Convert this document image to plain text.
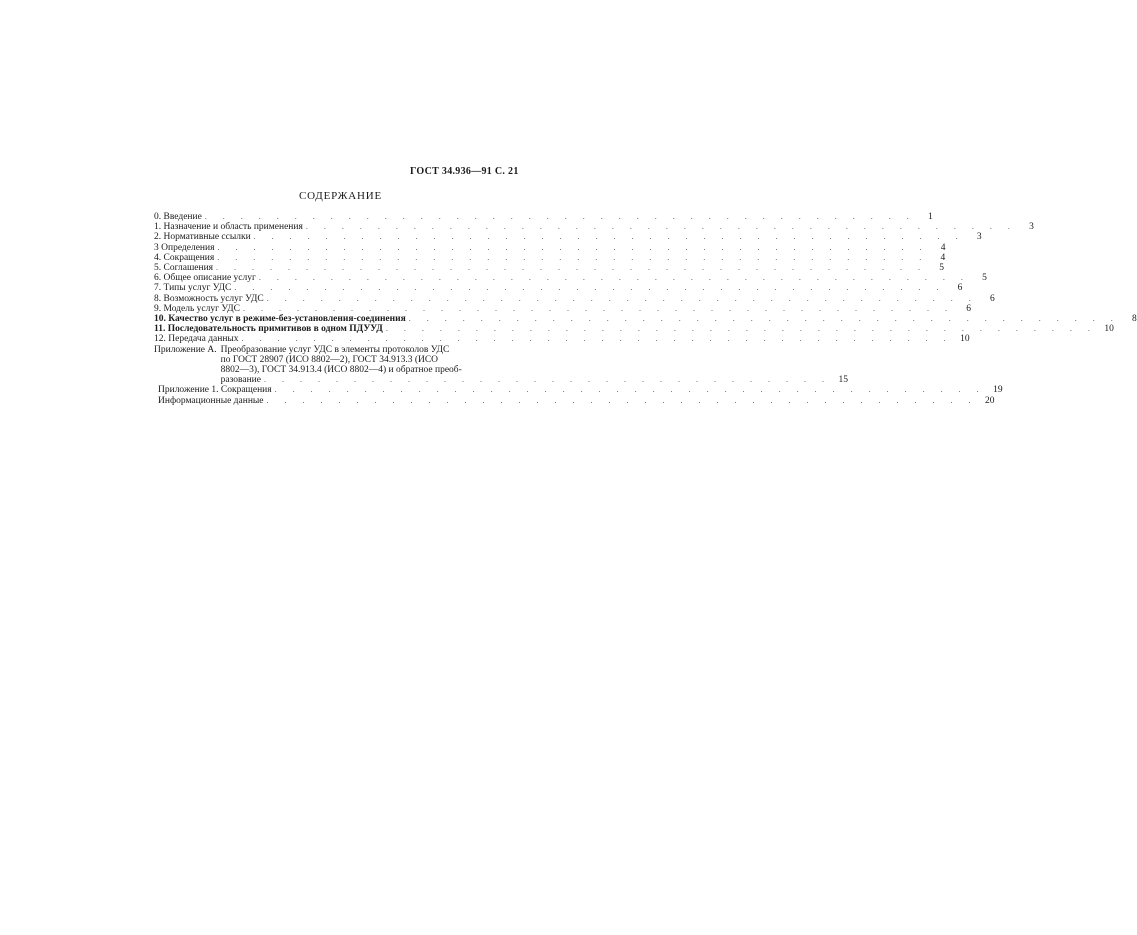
ГОСТ 34.936—91 С. 21
СОДЕРЖАНИЕ
0. Введение . . .	1
1. Назначение и область применения . . .	3
2. Нормативные ссылки . . .	3
3 Определения . . .	4
4. Сокращения . . .	4
5. Соглашения . . .	5
6. Общее описание услуг . . .	5
7. Типы услуг УДС . . .	6
8. Возможность услуг УДС . . .	6
9. Модель услуг УДС . . .	6
10. Качество услуг в режиме-без-установления-соединения . . .	8
11. Последовательность примитивов в одном ПДУУД . . .	10
12. Передача данных . . .	10
Приложение А. Преобразование услуг УДС в элементы протоколов УДС
по ГОСТ 28907 (ИСО 8802—2), ГОСТ 34.913.3 (ИСО
8802—3), ГОСТ 34.913.4 (ИСО 8802—4) и обратное преоб-
разование . . .	15
Приложение 1. Сокращения . . .	19
Информационные данные . . .	20
